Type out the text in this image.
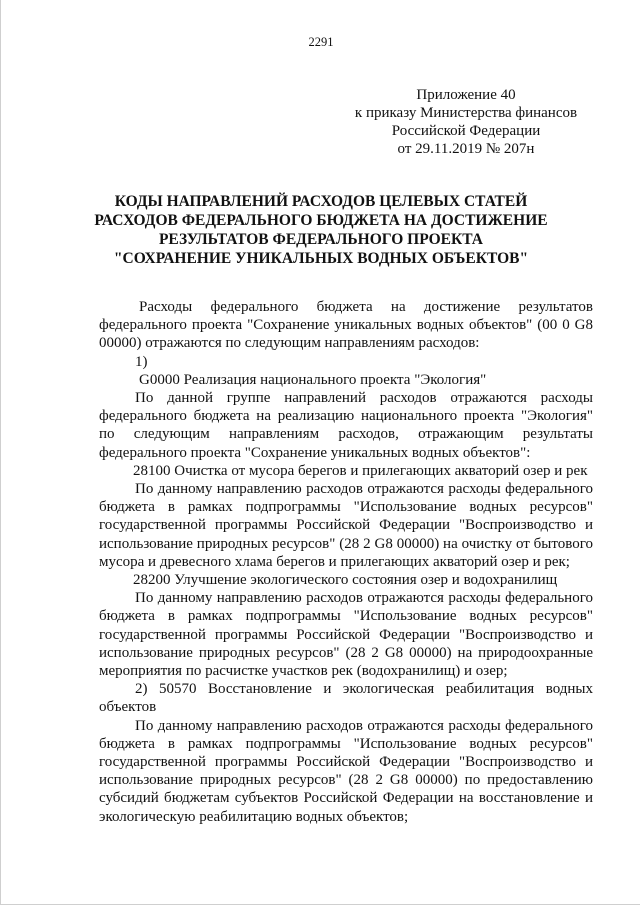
2291
Приложение 40
к приказу Министерства финансов
Российской Федерации
от 29.11.2019 № 207н
КОДЫ НАПРАВЛЕНИЙ РАСХОДОВ ЦЕЛЕВЫХ СТАТЕЙ
РАСХОДОВ ФЕДЕРАЛЬНОГО БЮДЖЕТА НА ДОСТИЖЕНИЕ
РЕЗУЛЬТАТОВ ФЕДЕРАЛЬНОГО ПРОЕКТА
"СОХРАНЕНИЕ УНИКАЛЬНЫХ ВОДНЫХ ОБЪЕКТОВ"

Расходы федерального бюджета на достижение результатов федерального проекта "Сохранение уникальных водных объектов" (00 0 G8 00000) отражаются по следующим направлениям расходов:

1)

G0000 Реализация национального проекта "Экология"

По данной группе направлений расходов отражаются расходы федерального бюджета на реализацию национального проекта "Экология" по следующим направлениям расходов, отражающим результаты федерального проекта "Сохранение уникальных водных объектов":

28100 Очистка от мусора берегов и прилегающих акваторий озер и рек

По данному направлению расходов отражаются расходы федерального бюджета в рамках подпрограммы "Использование водных ресурсов" государственной программы Российской Федерации "Воспроизводство и использование природных ресурсов" (28 2 G8 00000) на очистку от бытового мусора и древесного хлама берегов и прилегающих акваторий озер и рек;

28200 Улучшение экологического состояния озер и водохранилищ

По данному направлению расходов отражаются расходы федерального бюджета в рамках подпрограммы "Использование водных ресурсов" государственной программы Российской Федерации "Воспроизводство и использование природных ресурсов" (28 2 G8 00000) на природоохранные мероприятия по расчистке участков рек (водохранилищ) и озер;

2) 50570 Восстановление и экологическая реабилитация водных объектов

По данному направлению расходов отражаются расходы федерального бюджета в рамках подпрограммы "Использование водных ресурсов" государственной программы Российской Федерации "Воспроизводство и использование природных ресурсов" (28 2 G8 00000) по предоставлению субсидий бюджетам субъектов Российской Федерации на восстановление и экологическую реабилитацию водных объектов;
